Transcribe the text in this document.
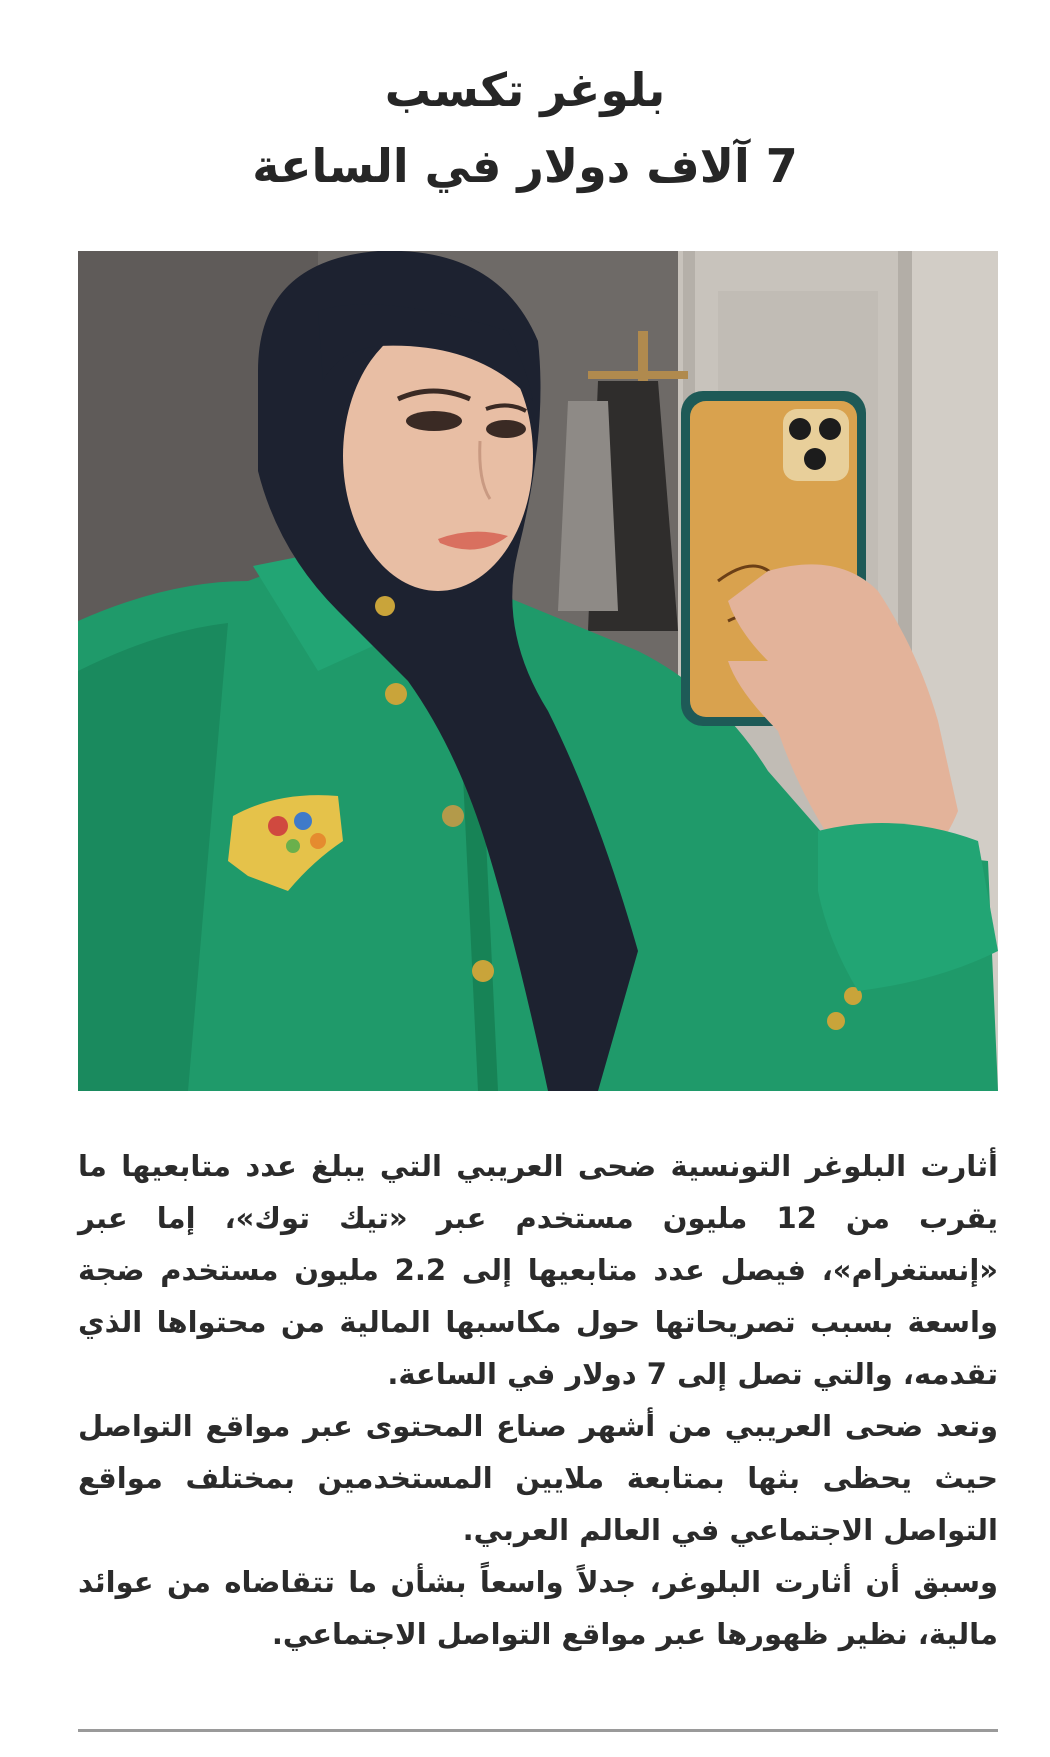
بلوغر تكسب
7 آلاف دولار في الساعة

أثارت البلوغر التونسية ضحى العريبي التي يبلغ عدد متابعيها ما يقرب من 12 مليون مستخدم عبر «تيك توك»، إما عبر «إنستغرام»، فيصل عدد متابعيها إلى 2.2 مليون مستخدم ضجة واسعة بسبب تصريحاتها حول مكاسبها المالية من محتواها الذي تقدمه، والتي تصل إلى 7 دولار في الساعة.

وتعد ضحى العريبي من أشهر صناع المحتوى عبر مواقع التواصل حيث يحظى بثها بمتابعة ملايين المستخدمين بمختلف مواقع التواصل الاجتماعي في العالم العربي.

وسبق أن أثارت البلوغر، جدلاً واسعاً بشأن ما تتقاضاه من عوائد مالية، نظير ظهورها عبر مواقع التواصل الاجتماعي.
